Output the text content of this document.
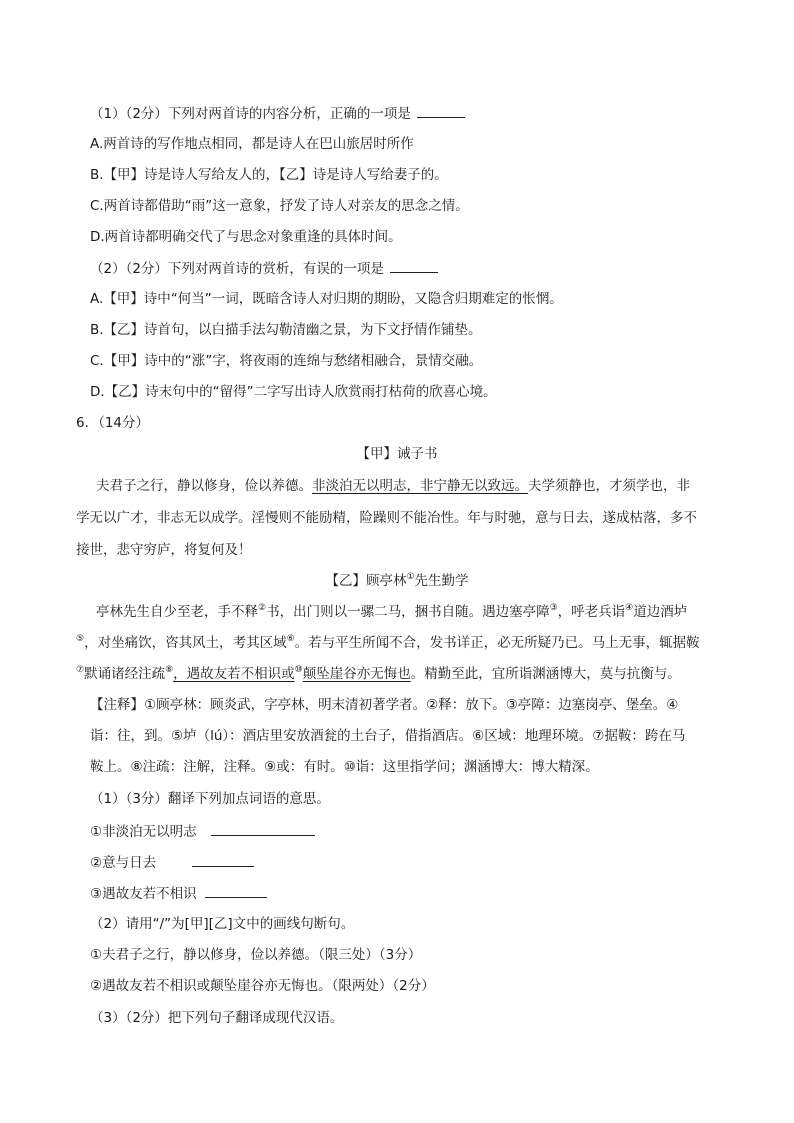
（1）（2分）下列对两首诗的内容分析，正确的一项是
A.两首诗的写作地点相同，都是诗人在巴山旅居时所作
B.【甲】诗是诗人写给友人的，【乙】诗是诗人写给妻子的。
C.两首诗都借助“雨”这一意象，抒发了诗人对亲友的思念之情。
D.两首诗都明确交代了与思念对象重逢的具体时间。
（2）（2分）下列对两首诗的赏析，有误的一项是
A.【甲】诗中“何当”一词，既暗含诗人对归期的期盼，又隐含归期难定的怅惘。
B.【乙】诗首句，以白描手法勾勒清幽之景，为下文抒情作铺垫。
C.【甲】诗中的“涨”字，将夜雨的连绵与愁绪相融合，景情交融。
D.【乙】诗末句中的“留得”二字写出诗人欣赏雨打枯荷的欣喜心境。
6．（14分）
【甲】诫子书
夫君子之行，静以修身，俭以养德。非淡泊无以明志，非宁静无以致远。夫学须静也，才须学也，非
学无以广才，非志无以成学。淫慢则不能励精，险躁则不能冶性。年与时驰，意与日去，遂成枯落，多不
接世，悲守穷庐，将复何及！
【乙】顾亭林①先生勤学
亭林先生自少至老，手不释②书，出门则以一骡二马，捆书自随。遇边塞亭障③，呼老兵诣④道边酒垆
⑤，对坐痛饮，咨其风土，考其区域⑥。若与平生所闻不合，发书详正，必无所疑乃已。马上无事，辄据鞍
⑦默诵诸经注疏⑧，遇故友若不相识或⑩颠坠崖谷亦无悔也。精勤至此，宜所诣渊涵博大，莫与抗衡与。
【注释】①顾亭林：顾炎武，字亭林，明末清初著学者。②释：放下。③亭障：边塞岗亭、堡垒。④
诣：往，到。⑤垆（lú）：酒店里安放酒瓮的土台子，借指酒店。⑥区域：地理环境。⑦据鞍：跨在马
鞍上。⑧注疏：注解，注释。⑨或：有时。⑩诣：这里指学问；渊涵博大：博大精深。
（1）（3分）翻译下列加点词语的意思。
①非淡泊无以明志
②意与日去
③遇故友若不相识
（2）请用“/”为[甲][乙]文中的画线句断句。
①夫君子之行，静以修身，俭以养德。（限三处）（3分）
②遇故友若不相识或颠坠崖谷亦无悔也。（限两处）（2分）
（3）（2分）把下列句子翻译成现代汉语。
